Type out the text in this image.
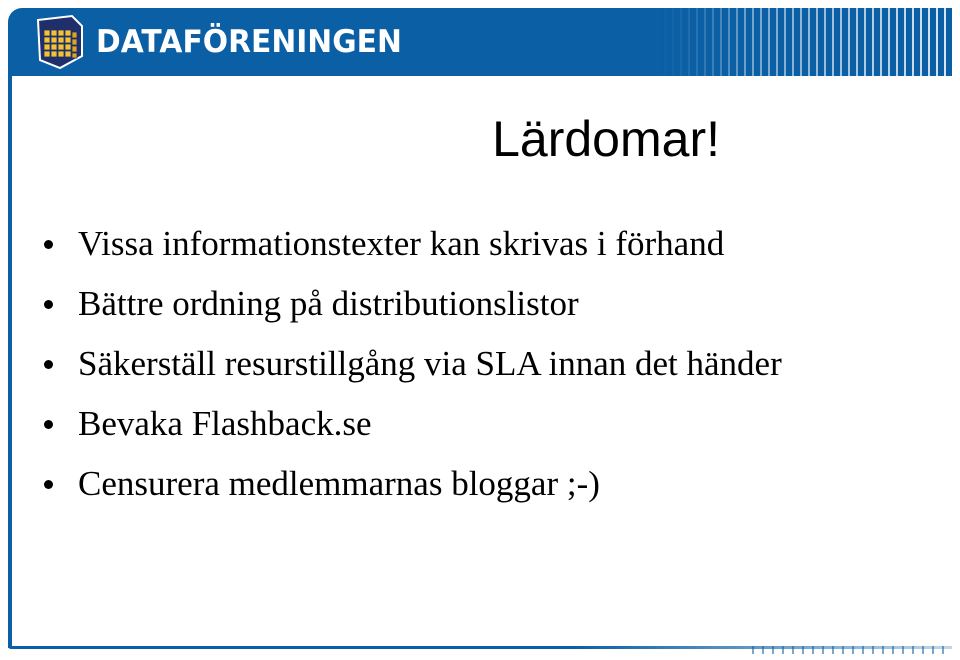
DATAFÖRENINGEN
Lärdomar!
Vissa informationstexter kan skrivas i förhand
Bättre ordning på distributionslistor
Säkerställ resurstillgång via SLA innan det händer
Bevaka Flashback.se
Censurera medlemmarnas bloggar ;-)
